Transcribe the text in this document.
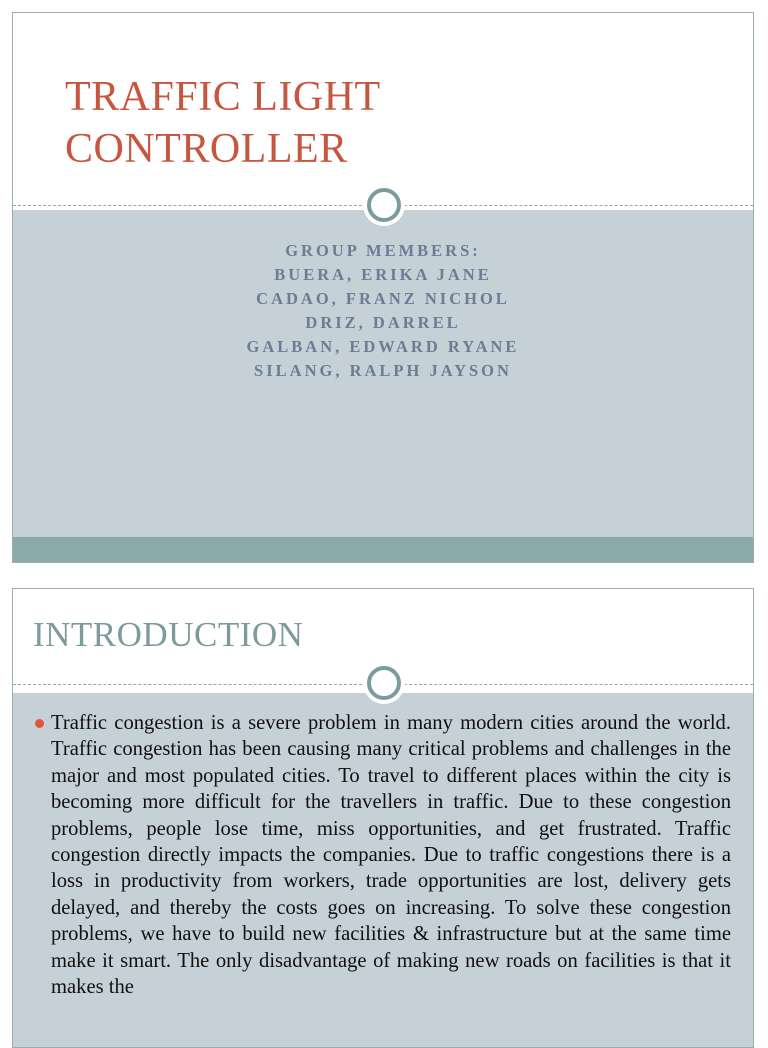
TRAFFIC LIGHT
CONTROLLER
GROUP MEMBERS:
BUERA, ERIKA JANE
CADAO, FRANZ NICHOL
DRIZ, DARREL
GALBAN, EDWARD RYANE
SILANG, RALPH JAYSON
INTRODUCTION

Traffic congestion is a severe problem in many modern cities around the world. Traffic congestion has been causing many critical problems and challenges in the major and most populated cities. To travel to different places within the city is becoming more difficult for the travellers in traffic. Due to these congestion problems, people lose time, miss opportunities, and get frustrated. Traffic congestion directly impacts the companies. Due to traffic congestions there is a loss in productivity from workers, trade opportunities are lost, delivery gets delayed, and thereby the costs goes on increasing. To solve these congestion problems, we have to build new facilities & infrastructure but at the same time make it smart. The only disadvantage of making new roads on facilities is that it makes the
